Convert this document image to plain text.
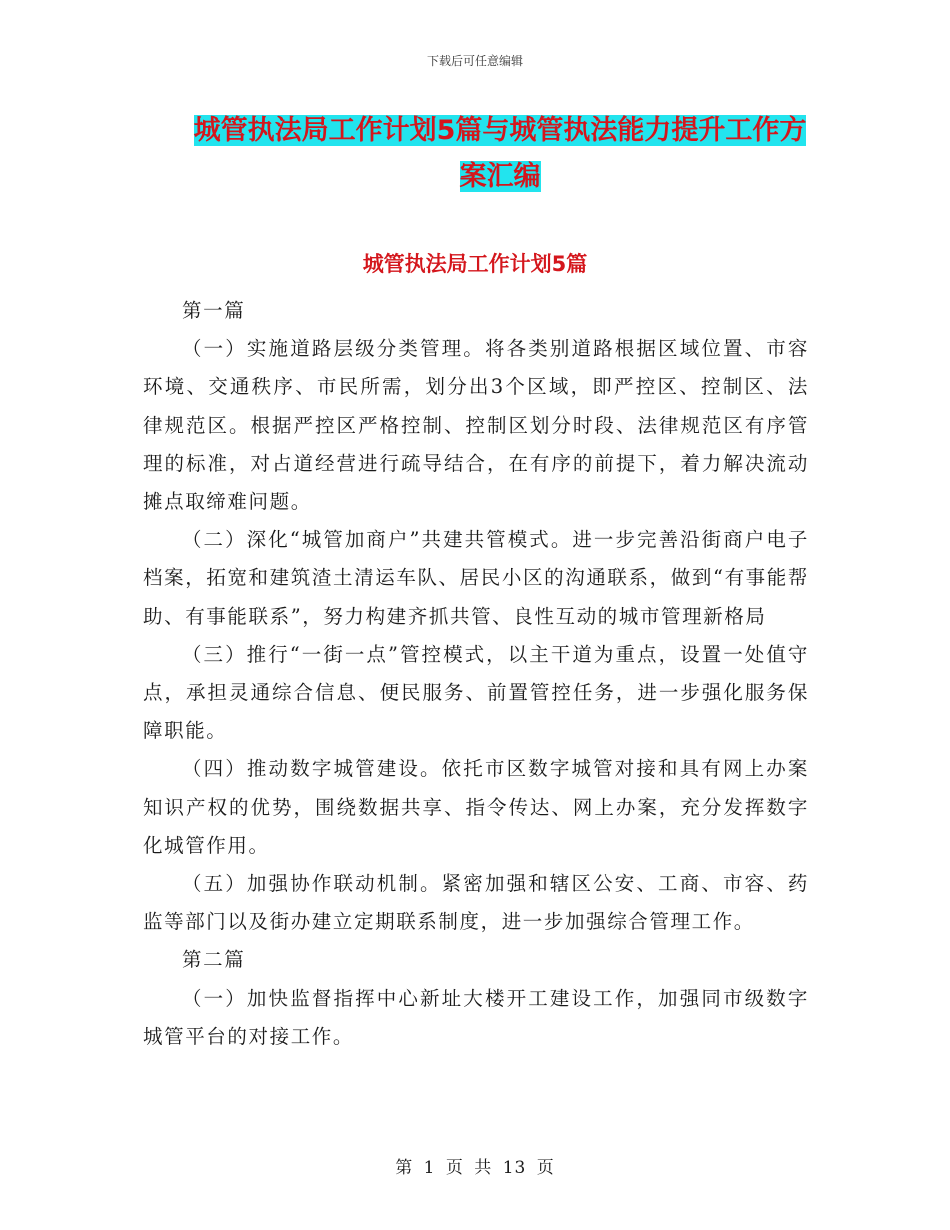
下载后可任意编辑
城管执法局工作计划5篇与城管执法能力提升工作方
案汇编
城管执法局工作计划5篇

第一篇

（一）实施道路层级分类管理。将各类别道路根据区域位置、市容环境、交通秩序、市民所需，划分出3个区域，即严控区、控制区、法律规范区。根据严控区严格控制、控制区划分时段、法律规范区有序管理的标准，对占道经营进行疏导结合，在有序的前提下，着力解决流动摊点取缔难问题。

（二）深化“城管加商户”共建共管模式。进一步完善沿街商户电子档案，拓宽和建筑渣土清运车队、居民小区的沟通联系，做到“有事能帮助、有事能联系”，努力构建齐抓共管、良性互动的城市管理新格局

（三）推行“一街一点”管控模式，以主干道为重点，设置一处值守点，承担灵通综合信息、便民服务、前置管控任务，进一步强化服务保障职能。

（四）推动数字城管建设。依托市区数字城管对接和具有网上办案知识产权的优势，围绕数据共享、指令传达、网上办案，充分发挥数字化城管作用。

（五）加强协作联动机制。紧密加强和辖区公安、工商、市容、药监等部门以及街办建立定期联系制度，进一步加强综合管理工作。

第二篇

（一）加快监督指挥中心新址大楼开工建设工作，加强同市级数字城管平台的对接工作。

第 1 页 共 13 页
